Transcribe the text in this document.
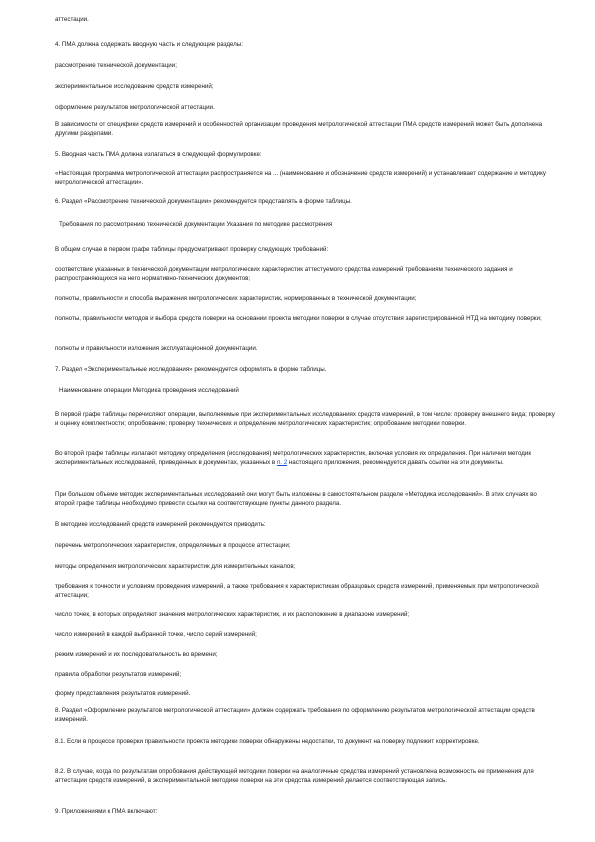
аттестации.

4. ПМА должна содержать вводную часть и следующие разделы:

рассмотрение технической документации;

экспериментальное исследование средств измерений;

оформление результатов метрологической аттестации.

В зависимости от специфики средств измерений и особенностей организации проведения метрологической аттестации ПМА средств измерений может быть дополнена другими разделами.

5. Вводная часть ПМА должна излагаться в следующей формулировке:

«Настоящая программа метрологической аттестации распространяется на ... (наименование и обозначение средств измерений) и устанавливает содержание и методику метрологической аттестации».

6. Раздел «Рассмотрение технической документации» рекомендуется представлять в форме таблицы.

Требования по рассмотрению технической документации Указания по методике рассмотрения

В общем случае в первом графе таблицы предусматривают проверку следующих требований:

соответствие указанных в технической документации метрологических характеристик аттестуемого средства измерений требованиям технического задания и распространяющихся на него нормативно-технических документов;

полноты, правильности и способа выражения метрологических характеристик, нормированных в технической документации;

полноты, правильности методов и выбора средств поверки на основании проекта методики поверки в случае отсутствия зарегистрированной НТД на методику поверки;

полноты и правильности изложения эксплуатационной документации.

7. Раздел «Экспериментальные исследования» рекомендуется оформлять в форме таблицы.

Наименование операции Методика проведения исследований

В первой графе таблицы перечисляют операции, выполняемые при экспериментальных исследованиях средств измерений, в том числе: проверку внешнего вида; проверку и оценку комплектности; опробование; проверку технических и определение метрологических характеристик; опробование методики поверки.

Во второй графе таблицы излагают методику определения (исследования) метрологических характеристик, включая условия их определения. При наличии методик экспериментальных исследований, приведенных в документах, указанных в п. 2 настоящего приложения, рекомендуется давать ссылки на эти документы.

При большом объеме методик экспериментальных исследований они могут быть изложены в самостоятельном разделе «Методика исследований». В этих случаях во второй графе таблицы необходимо привести ссылки на соответствующие пункты данного раздела.

В методике исследований средств измерений рекомендуется приводить:

перечень метрологических характеристик, определяемых в процессе аттестации;

методы определения метрологических характеристик для измерительных каналов;

требования к точности и условиям проведения измерений, а также требования к характеристикам образцовых средств измерений, применяемых при метрологической аттестации;

число точек, в которых определяют значения метрологических характеристик, и их расположение в диапазоне измерений;

число измерений в каждой выбранной точке, число серий измерений;

режим измерений и их последовательность во времени;

правила обработки результатов измерений;

форму представления результатов измерений.

8. Раздел «Оформление результатов метрологической аттестации» должен содержать требования по оформлению результатов метрологической аттестации средств измерений.

8.1. Если в процессе проверки правильности проекта методики поверки обнаружены недостатки, то документ на поверку подлежит корректировке.

8.2. В случае, когда по результатам опробования действующей методики поверки на аналогичные средства измерений установлена возможность ее применения для аттестации средств измерений, в экспериментальной методике поверки на эти средства измерений делается соответствующая запись.

9. Приложениями к ПМА включают:
